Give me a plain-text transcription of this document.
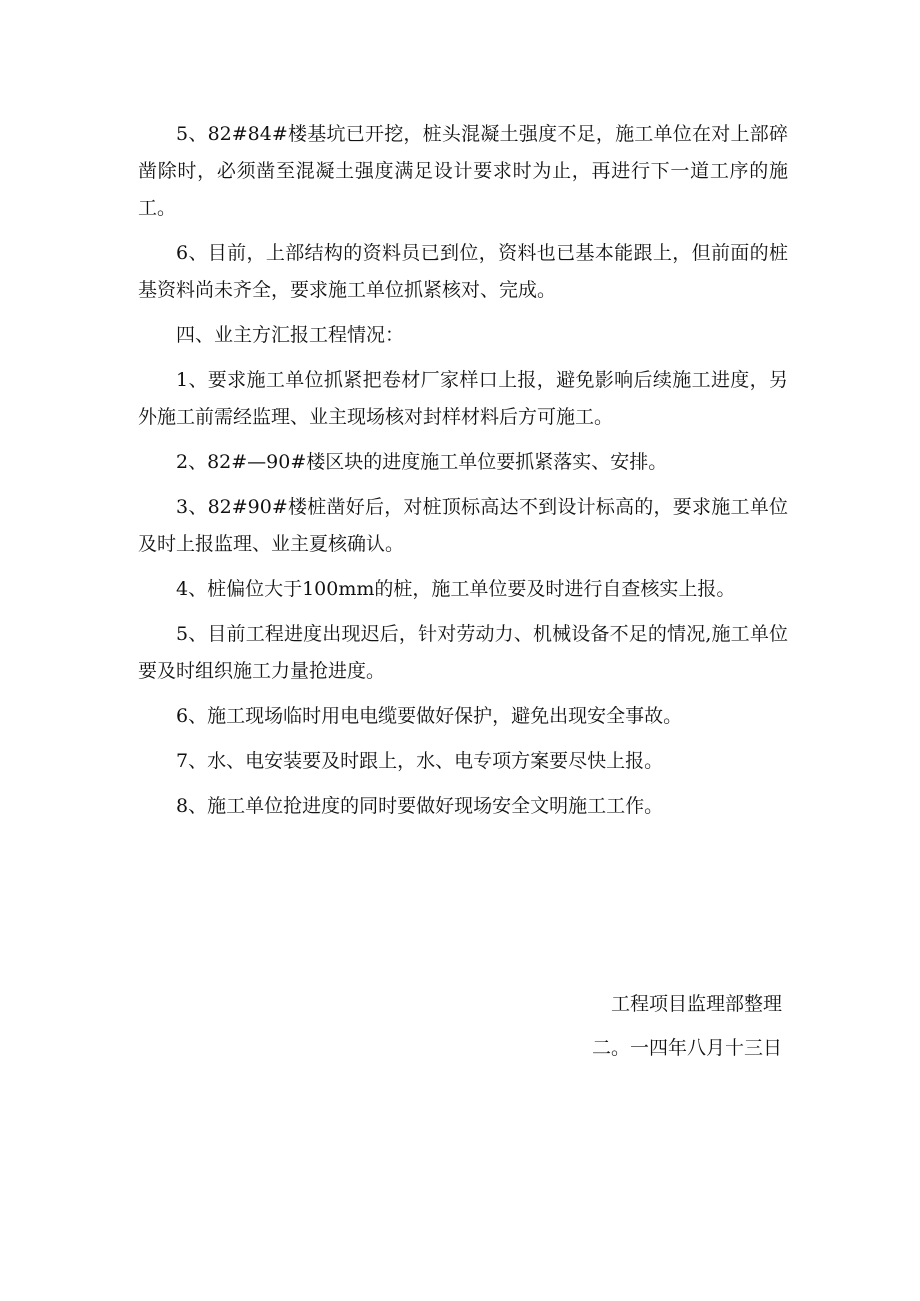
5、82#84#楼基坑已开挖，桩头混凝土强度不足，施工单位在对上部碎凿除时，必须凿至混凝土强度满足设计要求时为止，再进行下一道工序的施工。

6、目前，上部结构的资料员已到位，资料也已基本能跟上，但前面的桩基资料尚未齐全，要求施工单位抓紧核对、完成。

四、业主方汇报工程情况：

1、要求施工单位抓紧把卷材厂家样口上报，避免影响后续施工进度，另外施工前需经监理、业主现场核对封样材料后方可施工。

2、82#—90#楼区块的进度施工单位要抓紧落实、安排。

3、82#90#楼桩凿好后，对桩顶标高达不到设计标高的，要求施工单位及时上报监理、业主夏核确认。

4、桩偏位大于100mm的桩，施工单位要及时进行自查核实上报。

5、目前工程进度出现迟后，针对劳动力、机械设备不足的情况,施工单位要及时组织施工力量抢进度。

6、施工现场临时用电电缆要做好保护，避免出现安全事故。

7、水、电安装要及时跟上，水、电专项方案要尽快上报。

8、施工单位抢进度的同时要做好现场安全文明施工工作。

工程项目监理部整理
二。一四年八月十三日
